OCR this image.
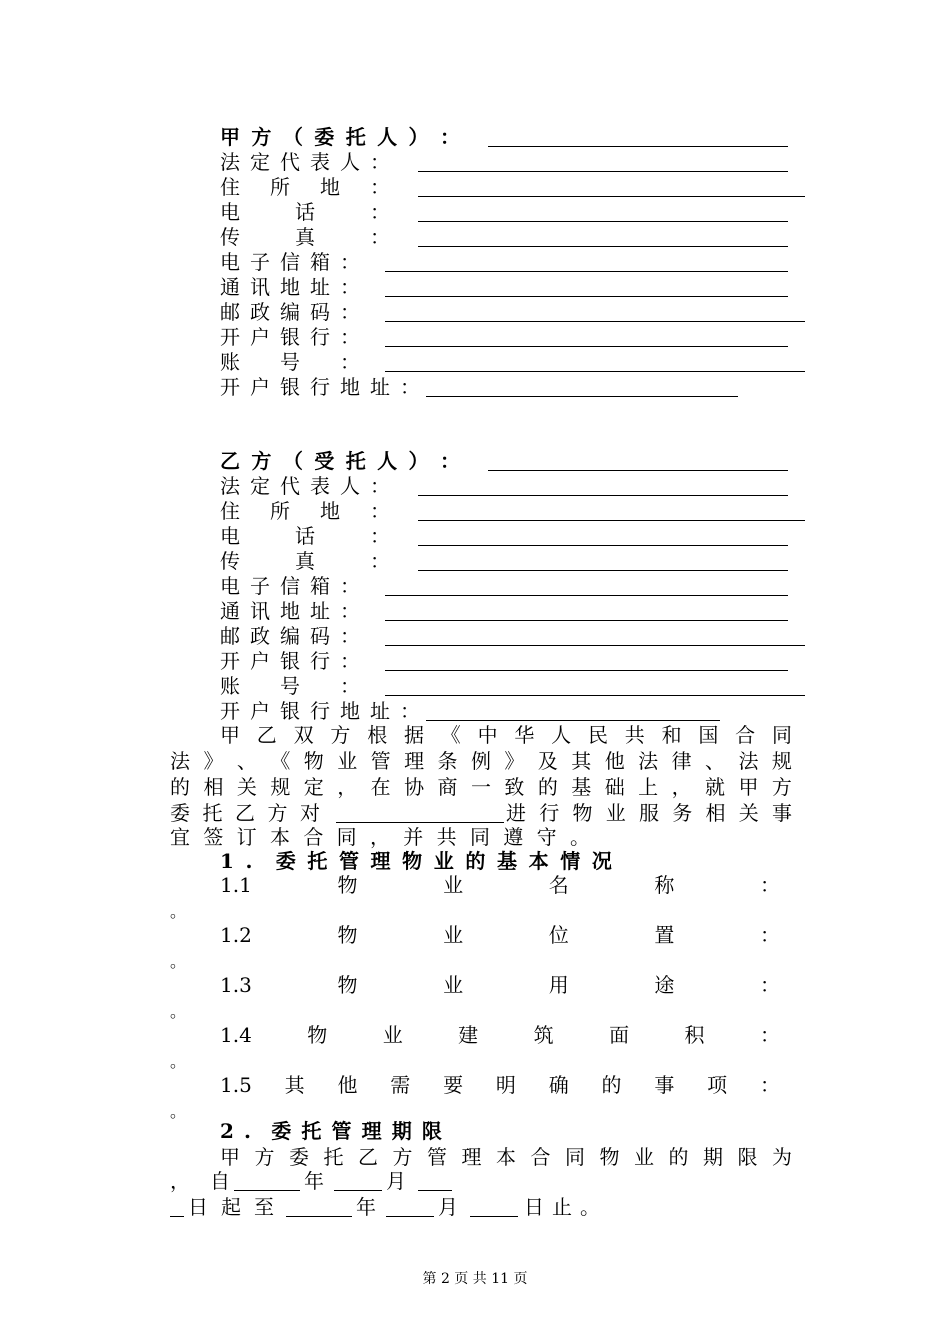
甲 方 （ 委 托 人 ） ：
法 定 代 表 人 ：
住 所 地 ：
电	话	：
传	真	：
电 子 信 箱 ：
通 讯 地 址 ：
邮 政 编 码 ：
开 户 银 行 ：
账 号 ：
开 户 银 行 地 址 ：
乙 方 （ 受 托 人 ） ：
法 定 代 表 人 ：
住 所 地 ：
电	话	：
传	真	：
电 子 信 箱 ：
通 讯 地 址 ：
邮 政 编 码 ：
开 户 银 行 ：
账 号 ：
开 户 银 行 地 址 ：
甲 乙 双 方 根 据 《 中 华 人 民 共 和 国 合 同
法 》 、 《 物 业 管 理 条 例 》 及 其 他 法 律 、 法 规
的 相 关 规 定 ， 在 协 商 一 致 的 基 础 上 ， 就 甲 方
委 托 乙 方 对	进 行 物 业 服 务 相 关 事
宜 签 订 本 合 同 ， 并 共 同 遵 守 。
1 . 委 托 管 理 物 业 的 基 本 情 况
1.1	物	业	名	称	：
。
1.2	物	业	位	置	：
。
1.3	物	业	用	途	：
。
1.4	物	业	建	筑	面	积	：
。
1.5 其 他 需 要 明 确 的 事 项 ：
。
2 . 委 托 管 理 期 限
甲 方 委 托 乙 方 管 理 本 合 同 物 业 的 期 限 为
， 自	年	月
日 起 至	年	月	日 止 。
第 2 页 共 11 页
